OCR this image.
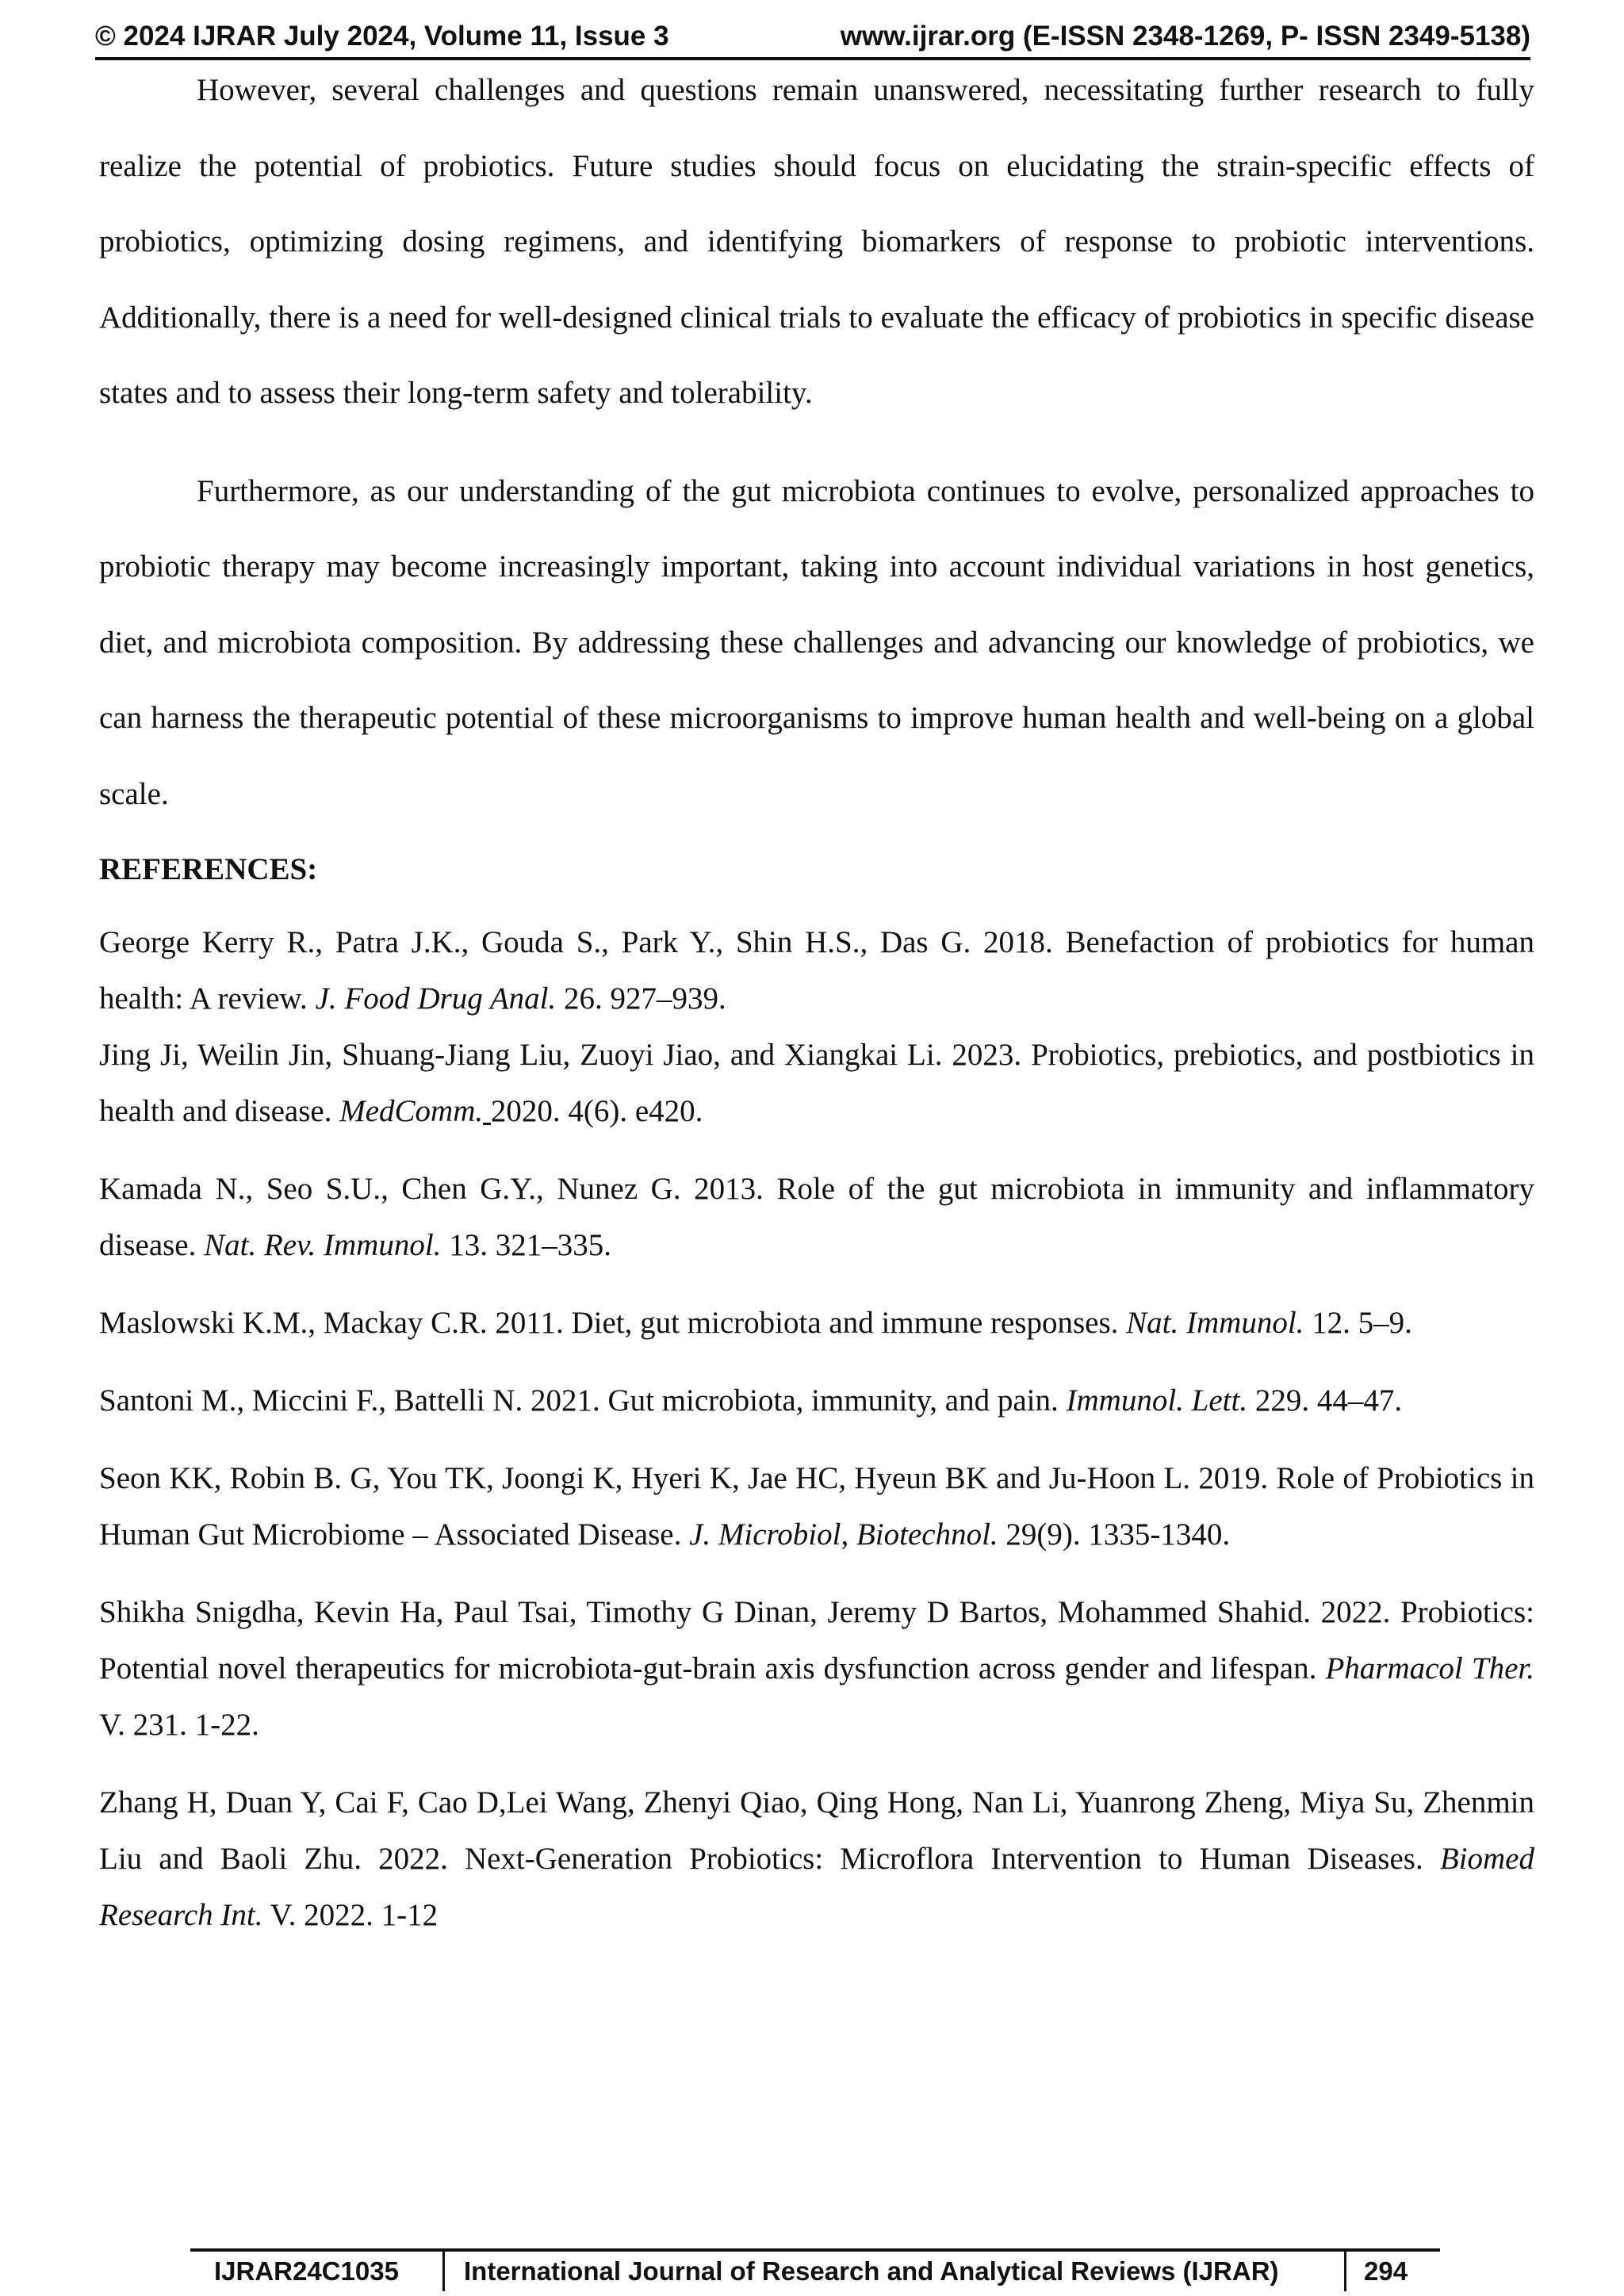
© 2024 IJRAR July 2024, Volume 11, Issue 3	www.ijrar.org (E-ISSN 2348-1269, P- ISSN 2349-5138)

However, several challenges and questions remain unanswered, necessitating further research to fully realize the potential of probiotics. Future studies should focus on elucidating the strain-specific effects of probiotics, optimizing dosing regimens, and identifying biomarkers of response to probiotic interventions. Additionally, there is a need for well-designed clinical trials to evaluate the efficacy of probiotics in specific disease states and to assess their long-term safety and tolerability.

Furthermore, as our understanding of the gut microbiota continues to evolve, personalized approaches to probiotic therapy may become increasingly important, taking into account individual variations in host genetics, diet, and microbiota composition. By addressing these challenges and advancing our knowledge of probiotics, we can harness the therapeutic potential of these microorganisms to improve human health and well-being on a global scale.

REFERENCES:

George Kerry R., Patra J.K., Gouda S., Park Y., Shin H.S., Das G. 2018. Benefaction of probiotics for human health: A review. J. Food Drug Anal. 26. 927–939.

Jing Ji, Weilin Jin, Shuang-Jiang Liu, Zuoyi Jiao, and Xiangkai Li. 2023. Probiotics, prebiotics, and postbiotics in health and disease. MedComm. 2020. 4(6). e420.

Kamada N., Seo S.U., Chen G.Y., Nunez G. 2013. Role of the gut microbiota in immunity and inflammatory disease. Nat. Rev. Immunol. 13. 321–335.

Maslowski K.M., Mackay C.R. 2011. Diet, gut microbiota and immune responses. Nat. Immunol. 12. 5–9.

Santoni M., Miccini F., Battelli N. 2021. Gut microbiota, immunity, and pain. Immunol. Lett. 229. 44–47.

Seon KK, Robin B. G, You TK, Joongi K, Hyeri K, Jae HC, Hyeun BK and Ju-Hoon L. 2019. Role of Probiotics in Human Gut Microbiome – Associated Disease. J. Microbiol, Biotechnol. 29(9). 1335-1340.

Shikha Snigdha, Kevin Ha, Paul Tsai, Timothy G Dinan, Jeremy D Bartos, Mohammed Shahid. 2022. Probiotics: Potential novel therapeutics for microbiota-gut-brain axis dysfunction across gender and lifespan. Pharmacol Ther. V. 231. 1-22.

Zhang H, Duan Y, Cai F, Cao D,Lei Wang, Zhenyi Qiao, Qing Hong, Nan Li, Yuanrong Zheng, Miya Su, Zhenmin Liu and Baoli Zhu. 2022. Next-Generation Probiotics: Microflora Intervention to Human Diseases. Biomed Research Int. V. 2022. 1-12

IJRAR24C1035 International Journal of Research and Analytical Reviews (IJRAR)	294
